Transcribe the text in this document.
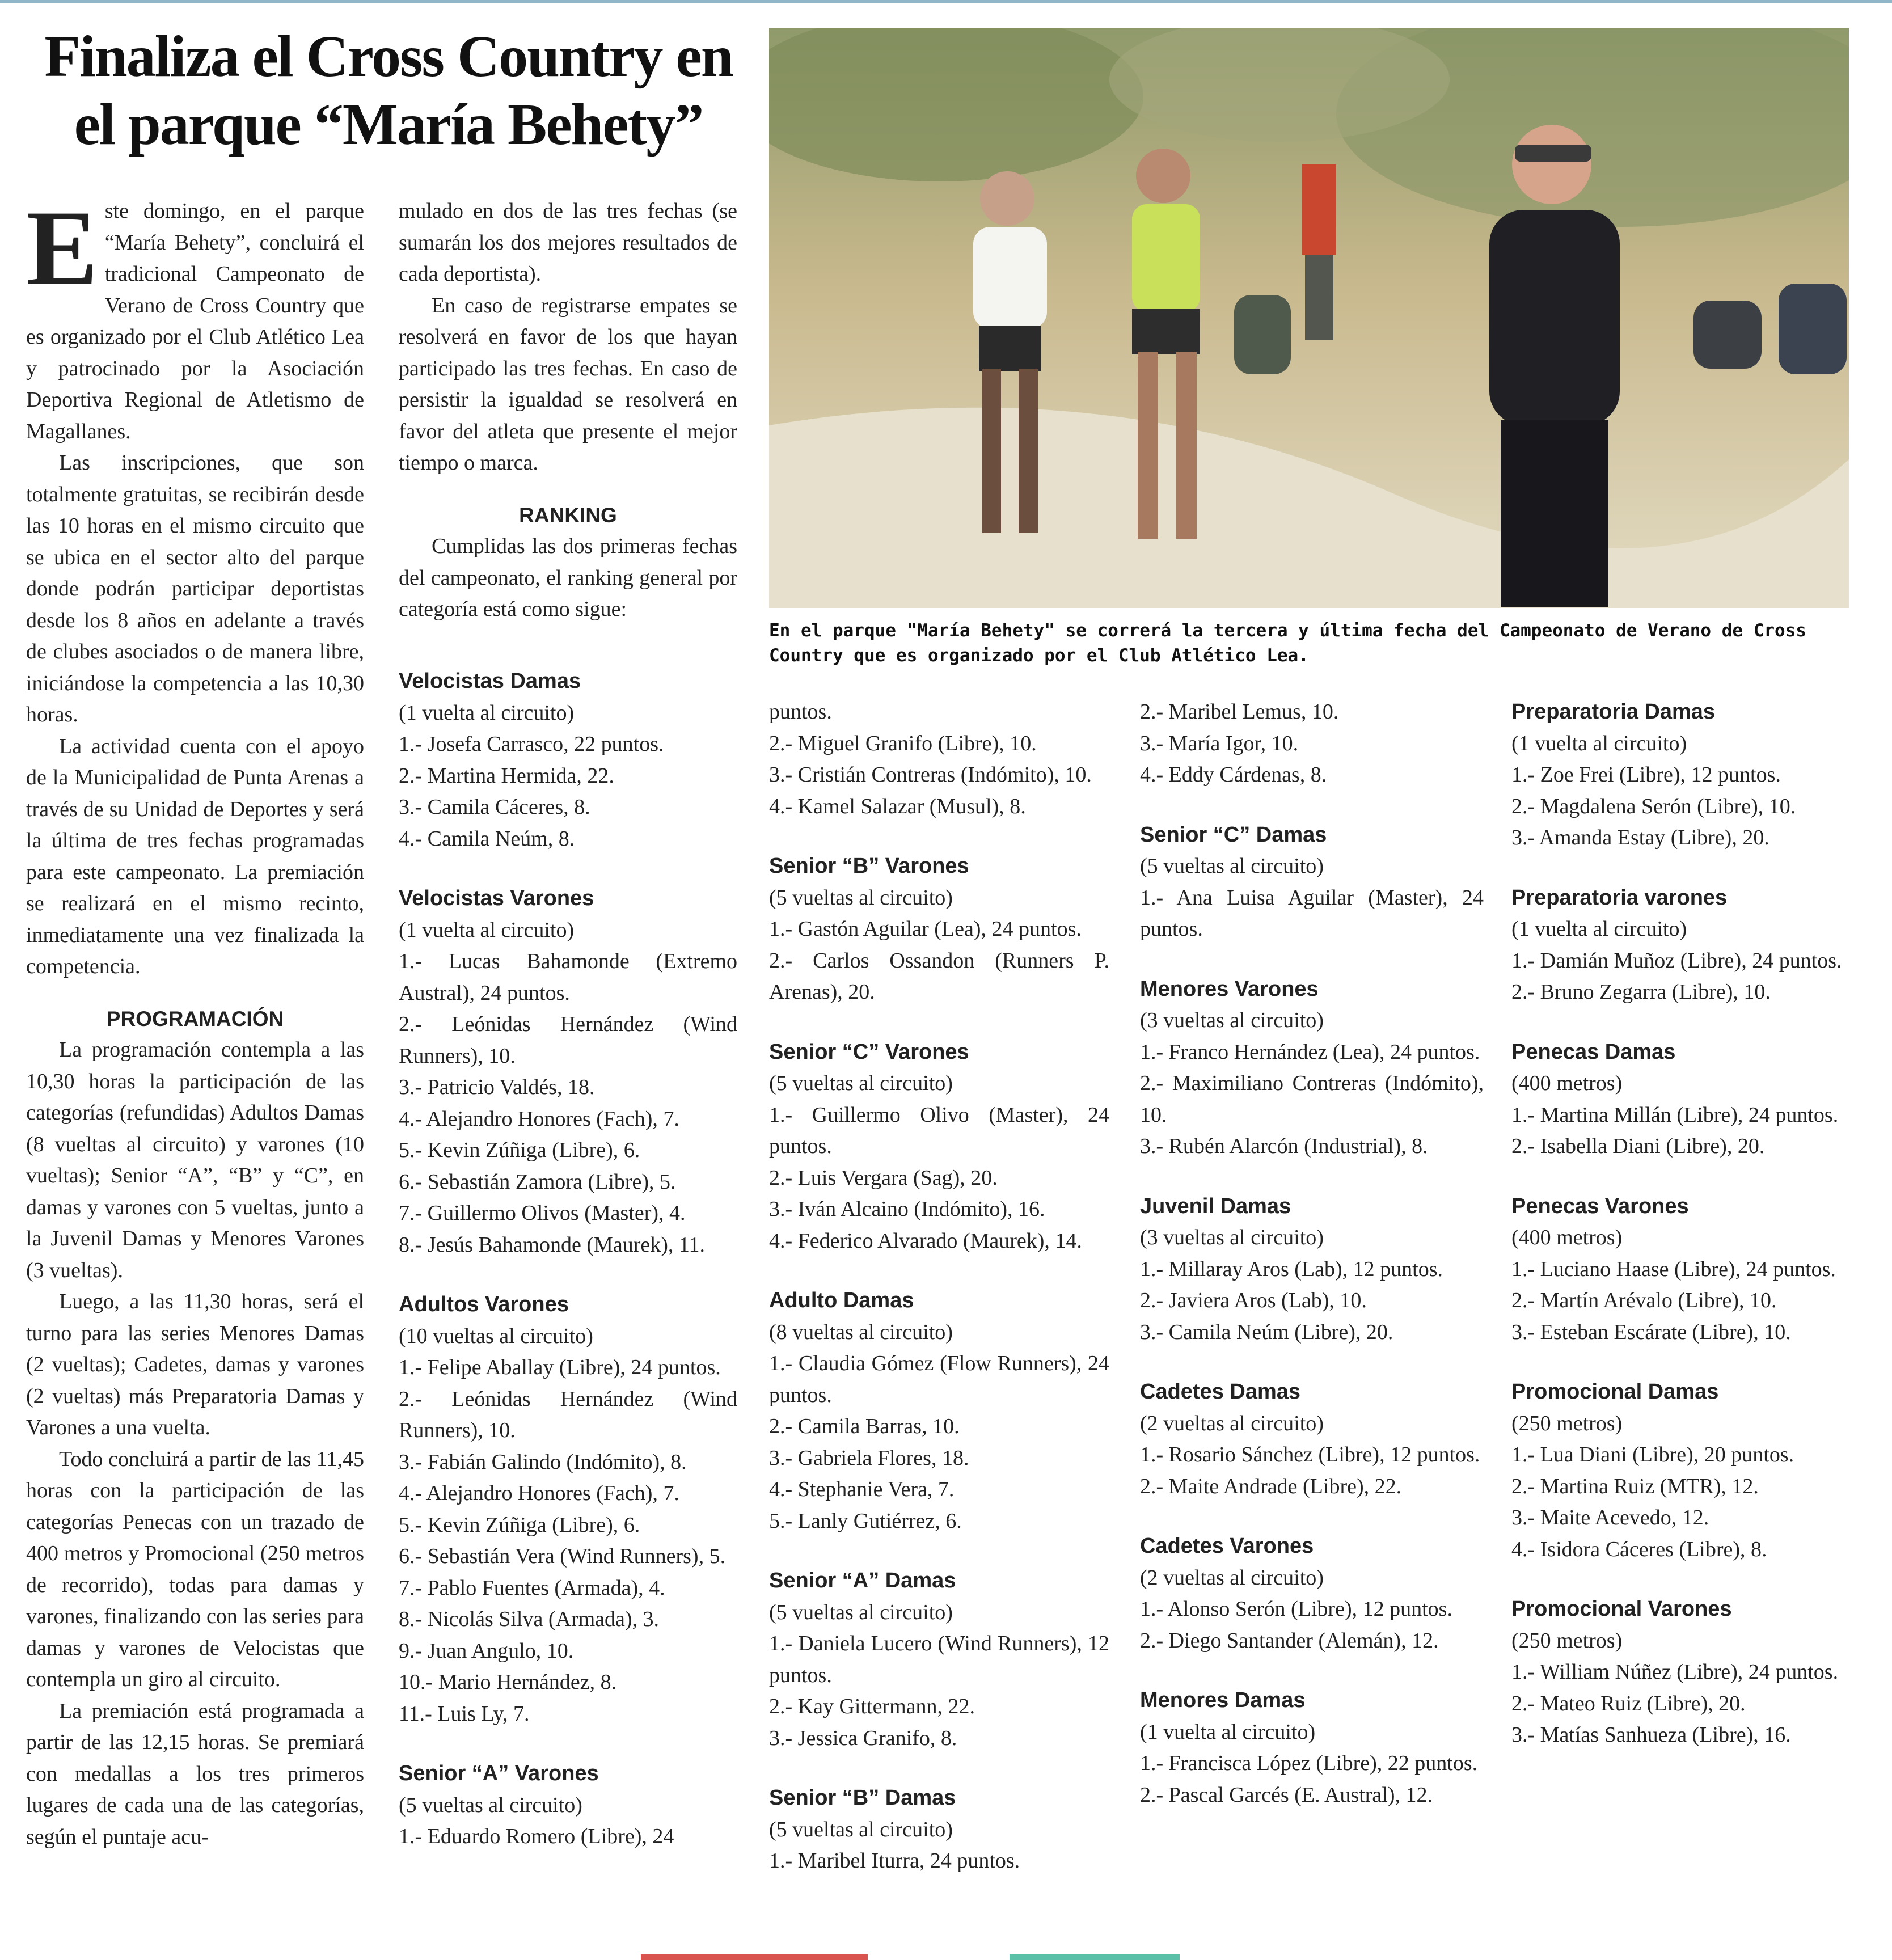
Finaliza el Cross Country en el parque “María Behety”

En el parque "María Behety" se correrá la tercera y última fecha del Campeonato de Verano de Cross Country que es organizado por el Club Atlético Lea.

Este domingo, en el parque “María Behety”, concluirá el tradicional Campeonato de Verano de Cross Country que es organizado por el Club Atlético Lea y patrocinado por la Asociación Deportiva Regional de Atletismo de Magallanes.

Las inscripciones, que son totalmente gratuitas, se recibirán desde las 10 horas en el mismo circuito que se ubica en el sector alto del parque donde podrán participar deportistas desde los 8 años en adelante a través de clubes asociados o de manera libre, iniciándose la competencia a las 10,30 horas.

La actividad cuenta con el apoyo de la Municipalidad de Punta Arenas a través de su Unidad de Deportes y será la última de tres fechas programadas para este campeonato. La premiación se realizará en el mismo recinto, inmediatamente una vez finalizada la competencia.

PROGRAMACIÓN

La programación contempla a las 10,30 horas la participación de las categorías (refundidas) Adultos Damas (8 vueltas al circuito) y varones (10 vueltas); Senior “A”, “B” y “C”, en damas y varones con 5 vueltas, junto a la Juvenil Damas y Menores Varones (3 vueltas).

Luego, a las 11,30 horas, será el turno para las series Menores Damas (2 vueltas); Cadetes, damas y varones (2 vueltas) más Preparatoria Damas y Varones a una vuelta.

Todo concluirá a partir de las 11,45 horas con la participación de las categorías Penecas con un trazado de 400 metros y Promocional (250 metros de recorrido), todas para damas y varones, finalizando con las series para damas y varones de Velocistas que contempla un giro al circuito.

La premiación está programada a partir de las 12,15 horas. Se premiará con medallas a los tres primeros lugares de cada una de las categorías, según el puntaje acu-

mulado en dos de las tres fechas (se sumarán los dos mejores resultados de cada deportista).

En caso de registrarse empates se resolverá en favor de los que hayan participado las tres fechas. En caso de persistir la igualdad se resolverá en favor del atleta que presente el mejor tiempo o marca.

RANKING

Cumplidas las dos primeras fechas del campeonato, el ranking general por categoría está como sigue:

Velocistas Damas

(1 vuelta al circuito)

1.- Josefa Carrasco, 22 puntos.

2.- Martina Hermida, 22.

3.- Camila Cáceres, 8.

4.- Camila Neúm, 8.

Velocistas Varones

(1 vuelta al circuito)

1.- Lucas Bahamonde (Extremo Austral), 24 puntos.

2.- Leónidas Hernández (Wind Runners), 10.

3.- Patricio Valdés, 18.

4.- Alejandro Honores (Fach), 7.

5.- Kevin Zúñiga (Libre), 6.

6.- Sebastián Zamora (Libre), 5.

7.- Guillermo Olivos (Master), 4.

8.- Jesús Bahamonde (Maurek), 11.

Adultos Varones

(10 vueltas al circuito)

1.- Felipe Aballay (Libre), 24 puntos.

2.- Leónidas Hernández (Wind Runners), 10.

3.- Fabián Galindo (Indómito), 8.

4.- Alejandro Honores (Fach), 7.

5.- Kevin Zúñiga (Libre), 6.

6.- Sebastián Vera (Wind Runners), 5.

7.- Pablo Fuentes (Armada), 4.

8.- Nicolás Silva (Armada), 3.

9.- Juan Angulo, 10.

10.- Mario Hernández, 8.

11.- Luis Ly, 7.

Senior “A” Varones

(5 vueltas al circuito)

1.- Eduardo Romero (Libre), 24

puntos.

2.- Miguel Granifo (Libre), 10.

3.- Cristián Contreras (Indómito), 10.

4.- Kamel Salazar (Musul), 8.

Senior “B” Varones

(5 vueltas al circuito)

1.- Gastón Aguilar (Lea), 24 puntos.

2.- Carlos Ossandon (Runners P. Arenas), 20.

Senior “C” Varones

(5 vueltas al circuito)

1.- Guillermo Olivo (Master), 24 puntos.

2.- Luis Vergara (Sag), 20.

3.- Iván Alcaino (Indómito), 16.

4.- Federico Alvarado (Maurek), 14.

Adulto Damas

(8 vueltas al circuito)

1.- Claudia Gómez (Flow Runners), 24 puntos.

2.- Camila Barras, 10.

3.- Gabriela Flores, 18.

4.- Stephanie Vera, 7.

5.- Lanly Gutiérrez, 6.

Senior “A” Damas

(5 vueltas al circuito)

1.- Daniela Lucero (Wind Runners), 12 puntos.

2.- Kay Gittermann, 22.

3.- Jessica Granifo, 8.

Senior “B” Damas

(5 vueltas al circuito)

1.- Maribel Iturra, 24 puntos.

2.- Maribel Lemus, 10.

3.- María Igor, 10.

4.- Eddy Cárdenas, 8.

Senior “C” Damas

(5 vueltas al circuito)

1.- Ana Luisa Aguilar (Master), 24 puntos.

Menores Varones

(3 vueltas al circuito)

1.- Franco Hernández (Lea), 24 puntos.

2.- Maximiliano Contreras (Indómito), 10.

3.- Rubén Alarcón (Industrial), 8.

Juvenil Damas

(3 vueltas al circuito)

1.- Millaray Aros (Lab), 12 puntos.

2.- Javiera Aros (Lab), 10.

3.- Camila Neúm (Libre), 20.

Cadetes Damas

(2 vueltas al circuito)

1.- Rosario Sánchez (Libre), 12 puntos.

2.- Maite Andrade (Libre), 22.

Cadetes Varones

(2 vueltas al circuito)

1.- Alonso Serón (Libre), 12 puntos.

2.- Diego Santander (Alemán), 12.

Menores Damas

(1 vuelta al circuito)

1.- Francisca López (Libre), 22 puntos.

2.- Pascal Garcés (E. Austral), 12.

Preparatoria Damas

(1 vuelta al circuito)

1.- Zoe Frei (Libre), 12 puntos.

2.- Magdalena Serón (Libre), 10.

3.- Amanda Estay (Libre), 20.

Preparatoria varones

(1 vuelta al circuito)

1.- Damián Muñoz (Libre), 24 puntos.

2.- Bruno Zegarra (Libre), 10.

Penecas Damas

(400 metros)

1.- Martina Millán (Libre), 24 puntos.

2.- Isabella Diani (Libre), 20.

Penecas Varones

(400 metros)

1.- Luciano Haase (Libre), 24 puntos.

2.- Martín Arévalo (Libre), 10.

3.- Esteban Escárate (Libre), 10.

Promocional Damas

(250 metros)

1.- Lua Diani (Libre), 20 puntos.

2.- Martina Ruiz (MTR), 12.

3.- Maite Acevedo, 12.

4.- Isidora Cáceres (Libre), 8.

Promocional Varones

(250 metros)

1.- William Núñez (Libre), 24 puntos.

2.- Mateo Ruiz (Libre), 20.

3.- Matías Sanhueza (Libre), 16.
